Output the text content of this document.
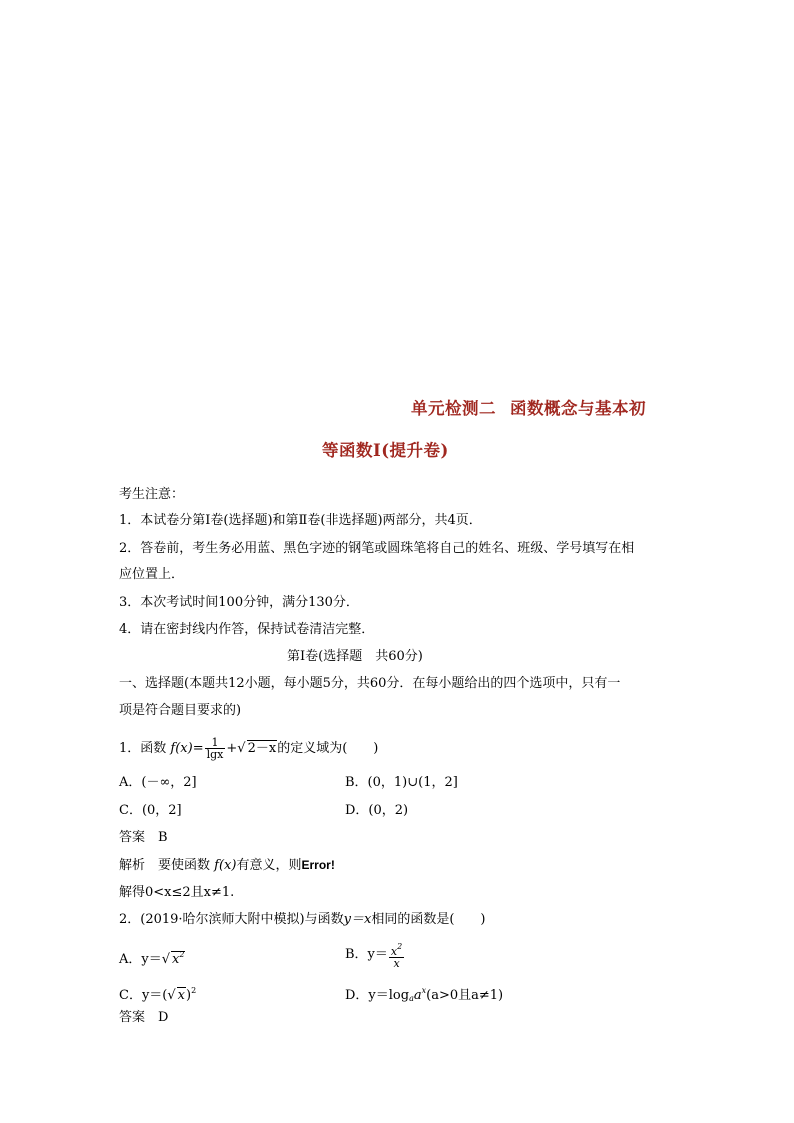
单元检测二 函数概念与基本初
等函数Ⅰ(提升卷)
考生注意：
1．本试卷分第Ⅰ卷(选择题)和第Ⅱ卷(非选择题)两部分，共4页．
2．答卷前，考生务必用蓝、黑色字迹的钢笔或圆珠笔将自己的姓名、班级、学号填写在相
应位置上．
3．本次考试时间100分钟，满分130分．
4．请在密封线内作答，保持试卷清洁完整．
第Ⅰ卷(选择题　共60分)
一、选择题(本题共12小题，每小题5分，共60分．在每小题给出的四个选项中，只有一
项是符合题目要求的)
1．函数 $f(x)= \frac{1}{\lg x}$ +√ 2－x的定义域为(　　)
A．(－∞，2]	B．(0，1)∪(1，2]
C．(0，2]	D．(0，2)
答案　B
解析　要使函数 f(x)有意义，则Error!
解得0<x≤2且x≠1.
2．(2019·哈尔滨师大附中模拟)与函数y＝x相同的函数是(　　)
A．y＝√ $x^2$	B．$y= \frac{x^2}{x}$
C．y＝(√ x)$^2$	D．$y=\log_aa^x(a>0$且a≠1)
答案　D
